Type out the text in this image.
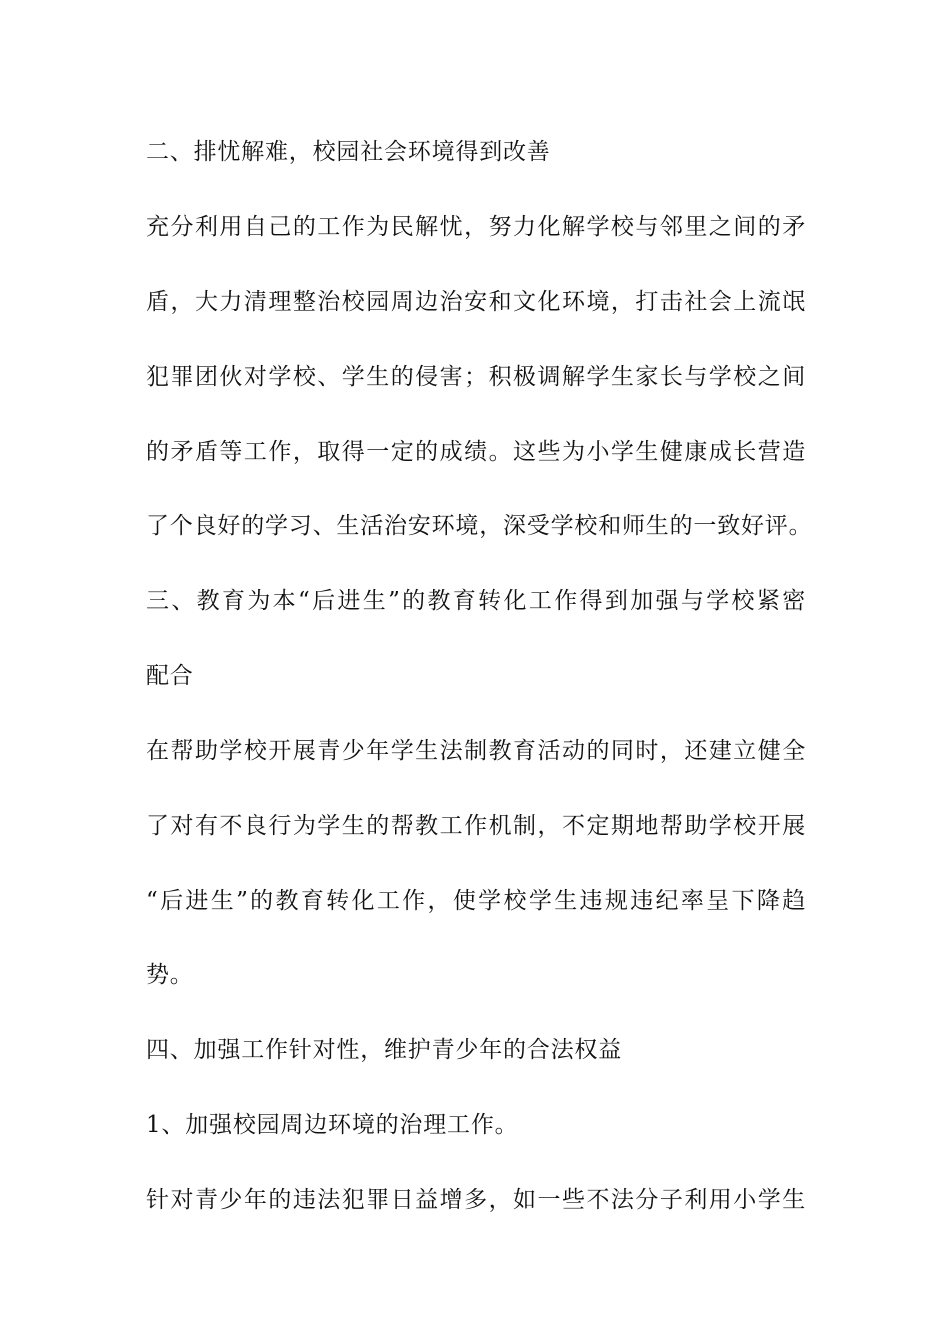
二、排忧解难，校园社会环境得到改善
充分利用自己的工作为民解忧，努力化解学校与邻里之间的矛
盾，大力清理整治校园周边治安和文化环境，打击社会上流氓
犯罪团伙对学校、学生的侵害；积极调解学生家长与学校之间
的矛盾等工作，取得一定的成绩。这些为小学生健康成长营造
了个良好的学习、生活治安环境，深受学校和师生的一致好评。
三、教育为本“后进生”的教育转化工作得到加强与学校紧密
配合
在帮助学校开展青少年学生法制教育活动的同时，还建立健全
了对有不良行为学生的帮教工作机制，不定期地帮助学校开展
“后进生”的教育转化工作，使学校学生违规违纪率呈下降趋
势。
四、加强工作针对性，维护青少年的合法权益
1、加强校园周边环境的治理工作。
针对青少年的违法犯罪日益增多，如一些不法分子利用小学生
